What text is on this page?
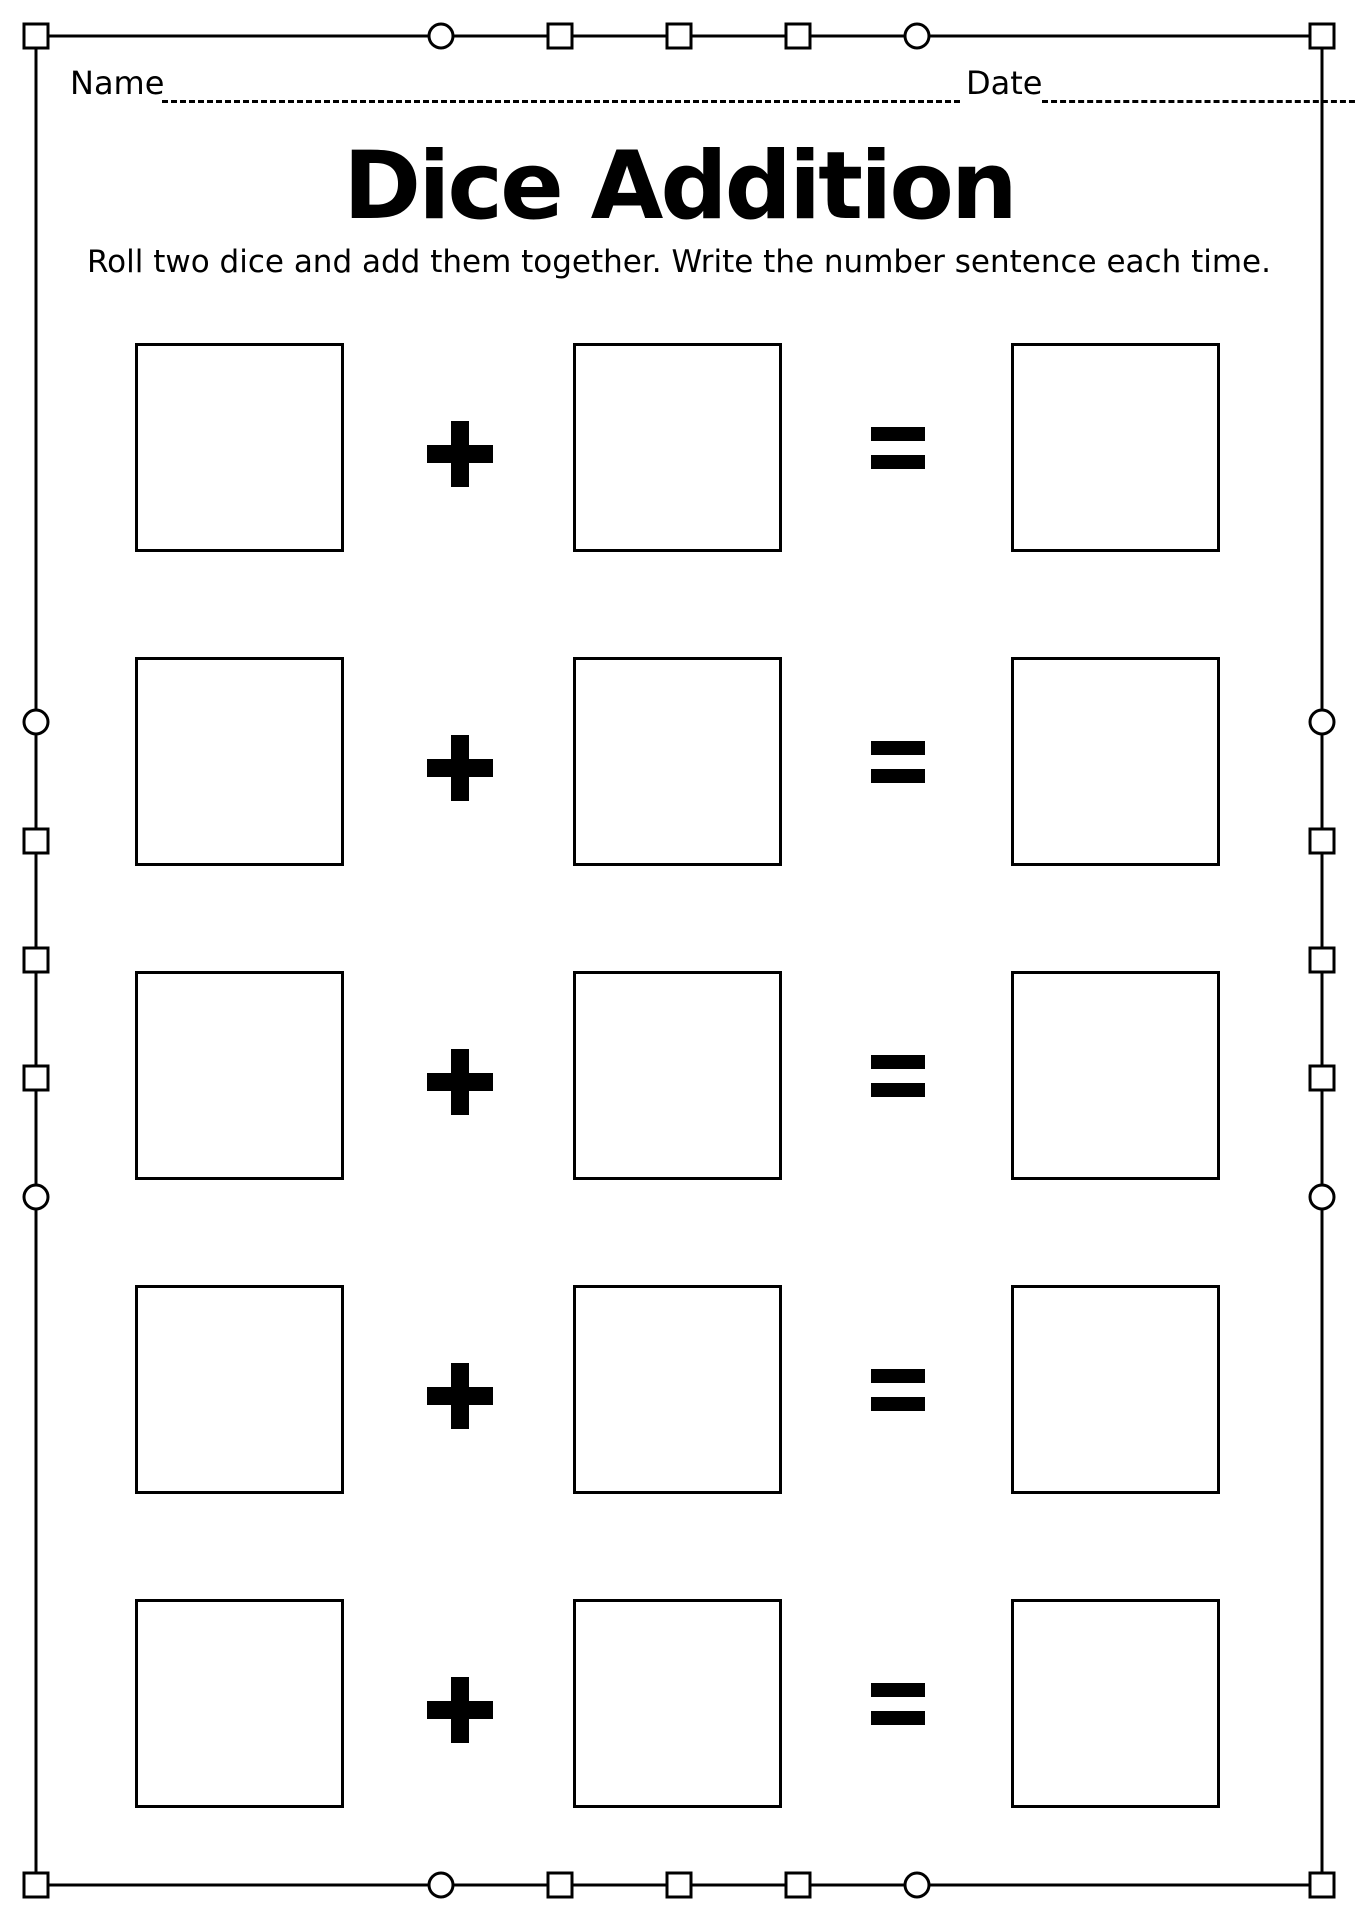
Name	Date
Dice Addition
Roll two dice and add them together. Write the number sentence each time.
